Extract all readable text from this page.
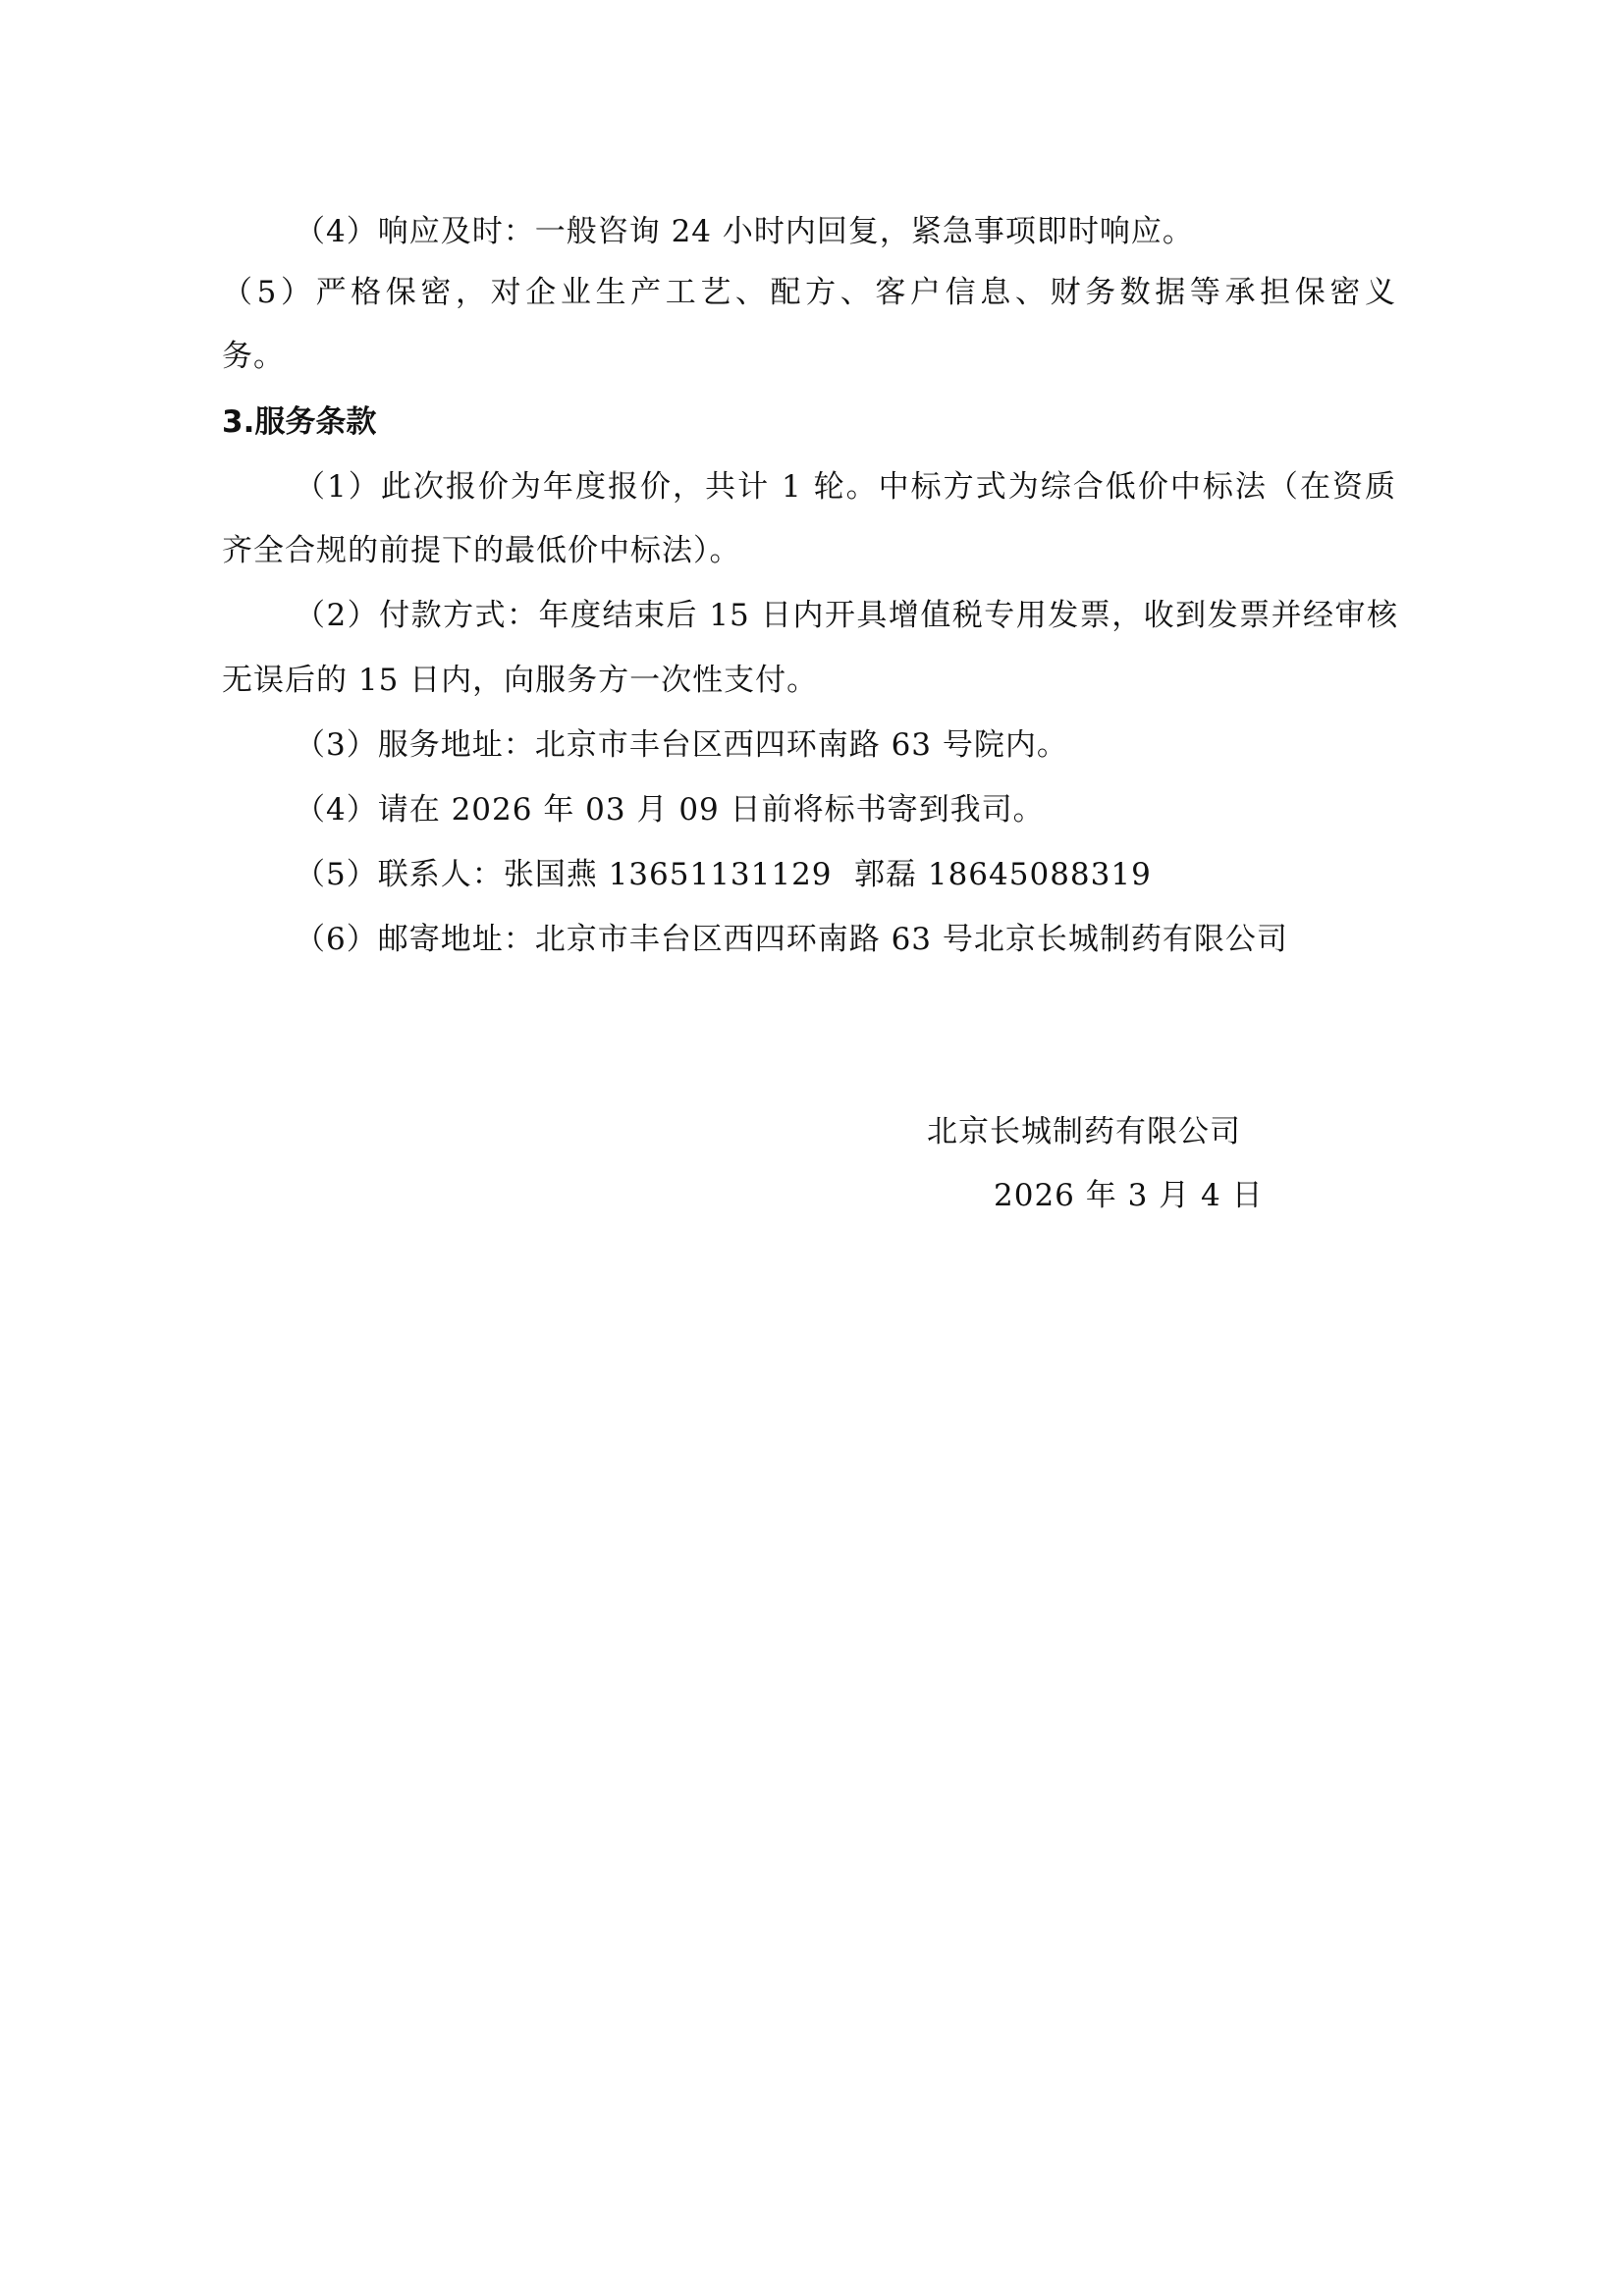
（4）响应及时：一般咨询 24 小时内回复，紧急事项即时响应。
（5）严格保密，对企业生产工艺、配方、客户信息、财务数据等承担保密义
务。
3.服务条款
（1）此次报价为年度报价，共计 1 轮。中标方式为综合低价中标法（在资质
齐全合规的前提下的最低价中标法）。
（2）付款方式：年度结束后 15 日内开具增值税专用发票，收到发票并经审核
无误后的 15 日内，向服务方一次性支付。
（3）服务地址：北京市丰台区西四环南路 63 号院内。
（4）请在 2026 年 03 月 09 日前将标书寄到我司。
（5）联系人：张国燕 13651131129 郭磊 18645088319
（6）邮寄地址：北京市丰台区西四环南路 63 号北京长城制药有限公司
北京长城制药有限公司
2026 年 3 月 4 日
